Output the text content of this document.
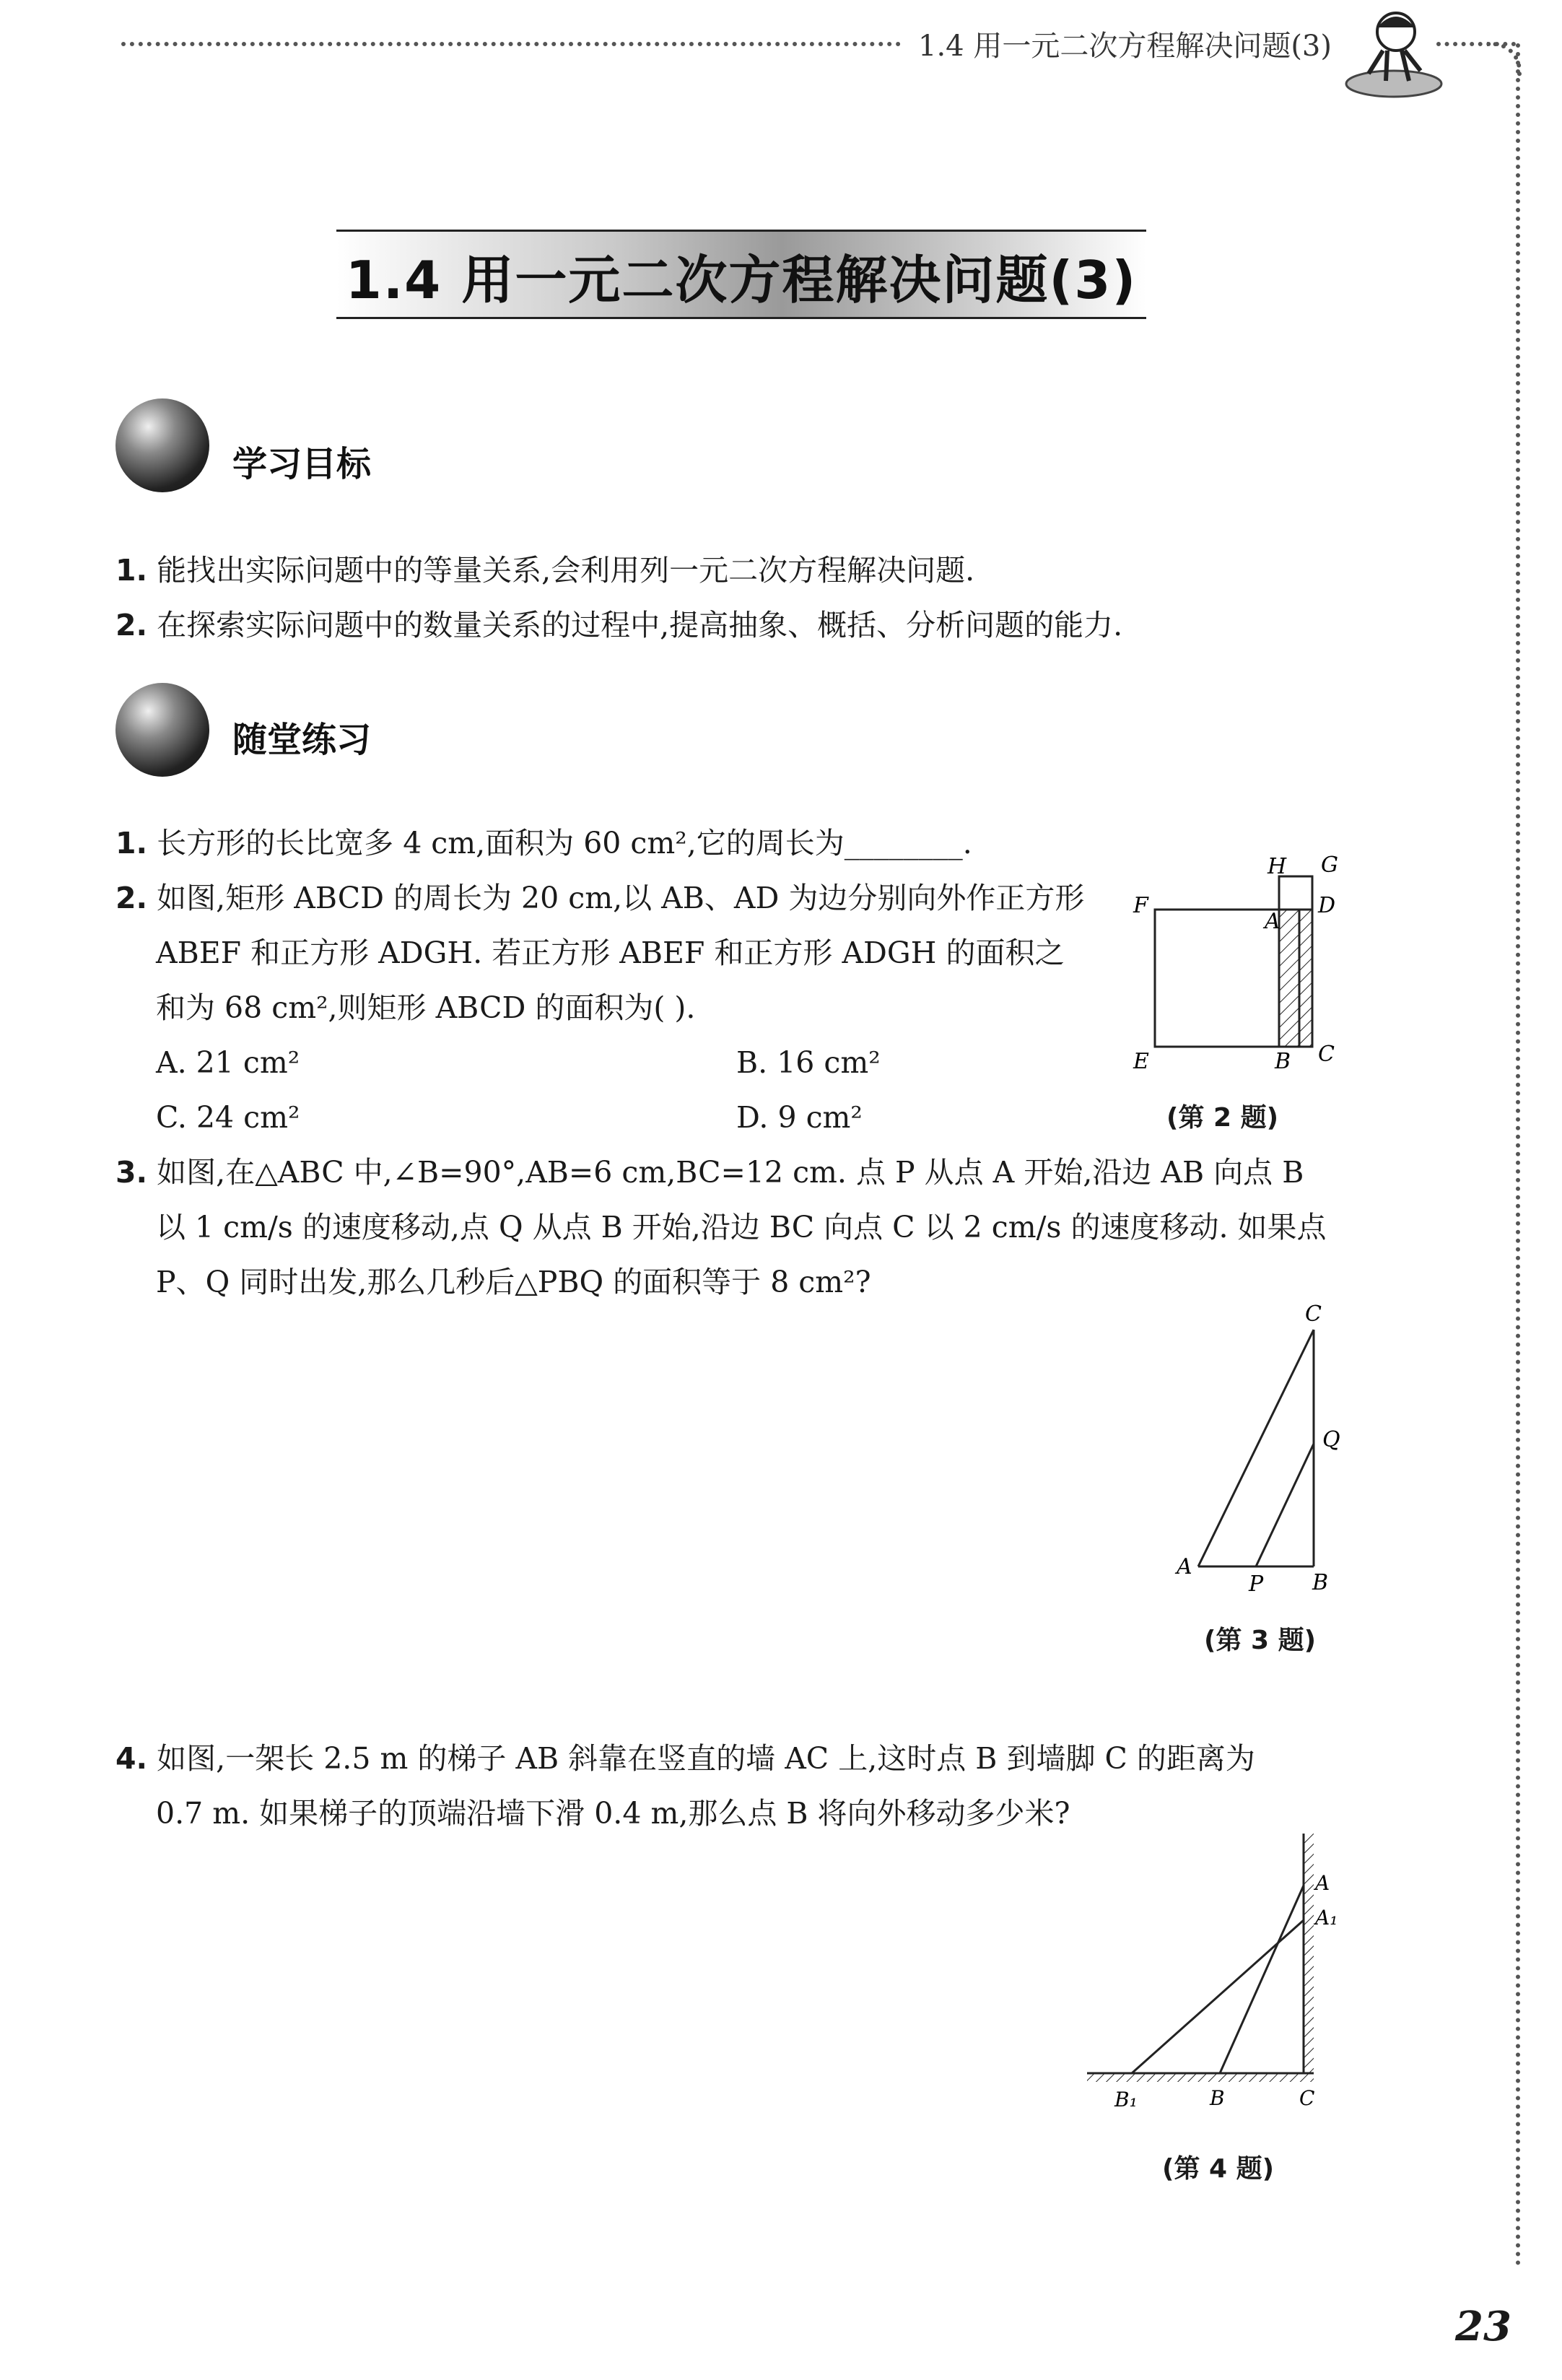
1.4 用一元二次方程解决问题(3)
1.4 用一元二次方程解决问题(3)
学习目标
1. 能找出实际问题中的等量关系,会利用列一元二次方程解决问题.
2. 在探索实际问题中的数量关系的过程中,提高抽象、概括、分析问题的能力.
随堂练习
1. 长方形的长比宽多 4 cm,面积为 60 cm²,它的周长为________.
2. 如图,矩形 ABCD 的周长为 20 cm,以 AB、AD 为边分别向外作正方形
ABEF 和正方形 ADGH. 若正方形 ABEF 和正方形 ADGH 的面积之
和为 68 cm²,则矩形 ABCD 的面积为( ).
A. 21 cm²	B. 16 cm²
C. 24 cm²	D. 9 cm²
H G
F
A
D
E	B C
(第 2 题)
3. 如图,在△ABC 中,∠B=90°,AB=6 cm,BC=12 cm. 点 P 从点 A 开始,沿边 AB 向点 B
以 1 cm/s 的速度移动,点 Q 从点 B 开始,沿边 BC 向点 C 以 2 cm/s 的速度移动. 如果点
P、Q 同时出发,那么几秒后△PBQ 的面积等于 8 cm²?
C
Q
A
P B
(第 3 题)
4. 如图,一架长 2.5 m 的梯子 AB 斜靠在竖直的墙 AC 上,这时点 B 到墙脚 C 的距离为
0.7 m. 如果梯子的顶端沿墙下滑 0.4 m,那么点 B 将向外移动多少米?
A
A₁
B₁	B	C
(第 4 题)
23
